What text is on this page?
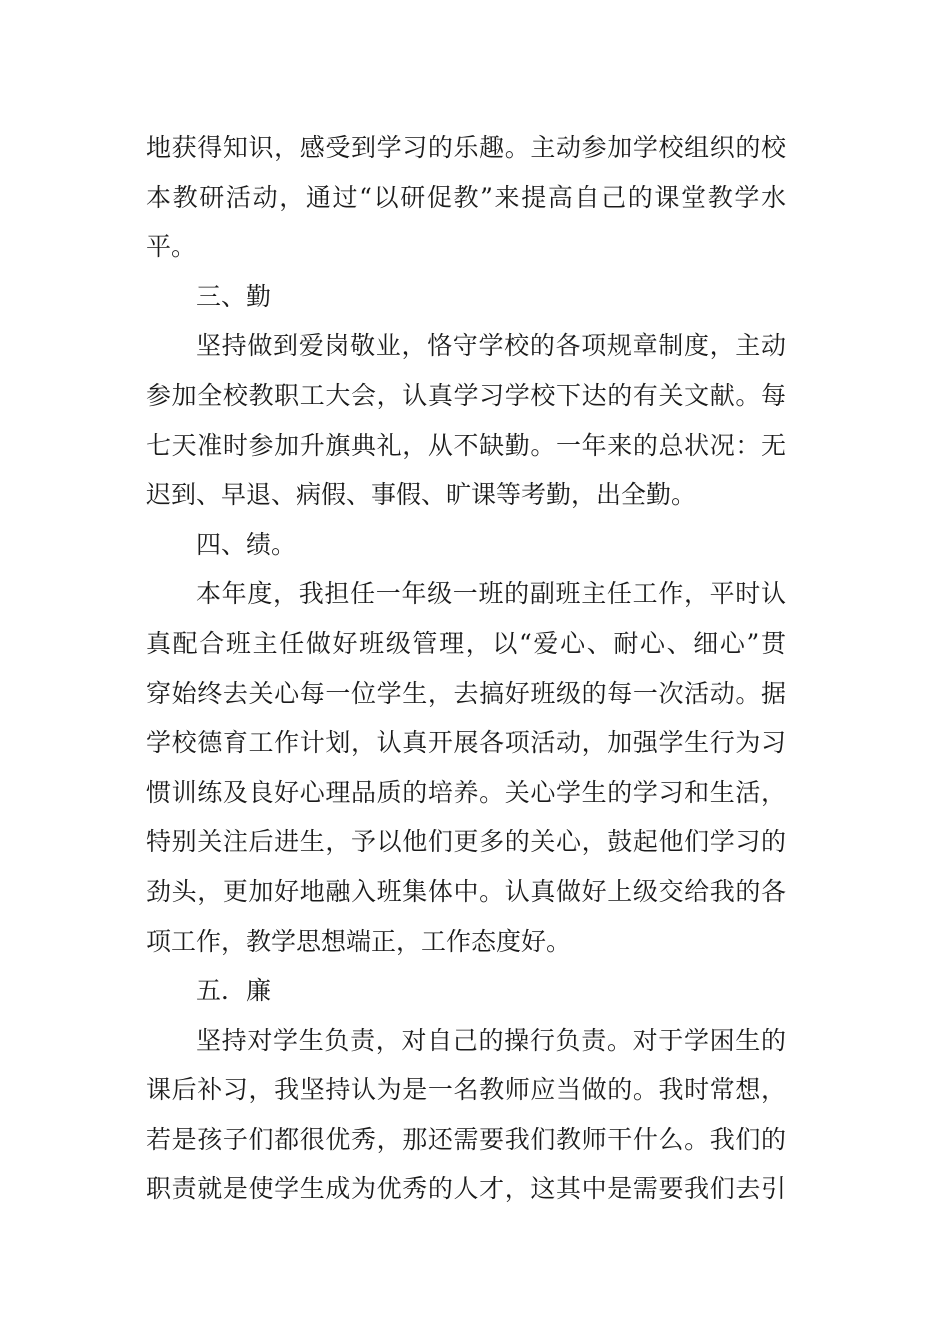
地获得知识，感受到学习的乐趣。主动参加学校组织的校
本教研活动，通过“以研促教”来提高自己的课堂教学水
平。
三、勤
坚持做到爱岗敬业，恪守学校的各项规章制度，主动
参加全校教职工大会，认真学习学校下达的有关文献。每
七天准时参加升旗典礼，从不缺勤。一年来的总状况：无
迟到、早退、病假、事假、旷课等考勤，出全勤。
四、绩。
本年度，我担任一年级一班的副班主任工作，平时认
真配合班主任做好班级管理，以“爱心、耐心、细心”贯
穿始终去关心每一位学生，去搞好班级的每一次活动。据
学校德育工作计划，认真开展各项活动，加强学生行为习
惯训练及良好心理品质的培养。关心学生的学习和生活，
特别关注后进生，予以他们更多的关心，鼓起他们学习的
劲头，更加好地融入班集体中。认真做好上级交给我的各
项工作，教学思想端正，工作态度好。
五．廉
坚持对学生负责，对自己的操行负责。对于学困生的
课后补习，我坚持认为是一名教师应当做的。我时常想，
若是孩子们都很优秀，那还需要我们教师干什么。我们的
职责就是使学生成为优秀的人才，这其中是需要我们去引
